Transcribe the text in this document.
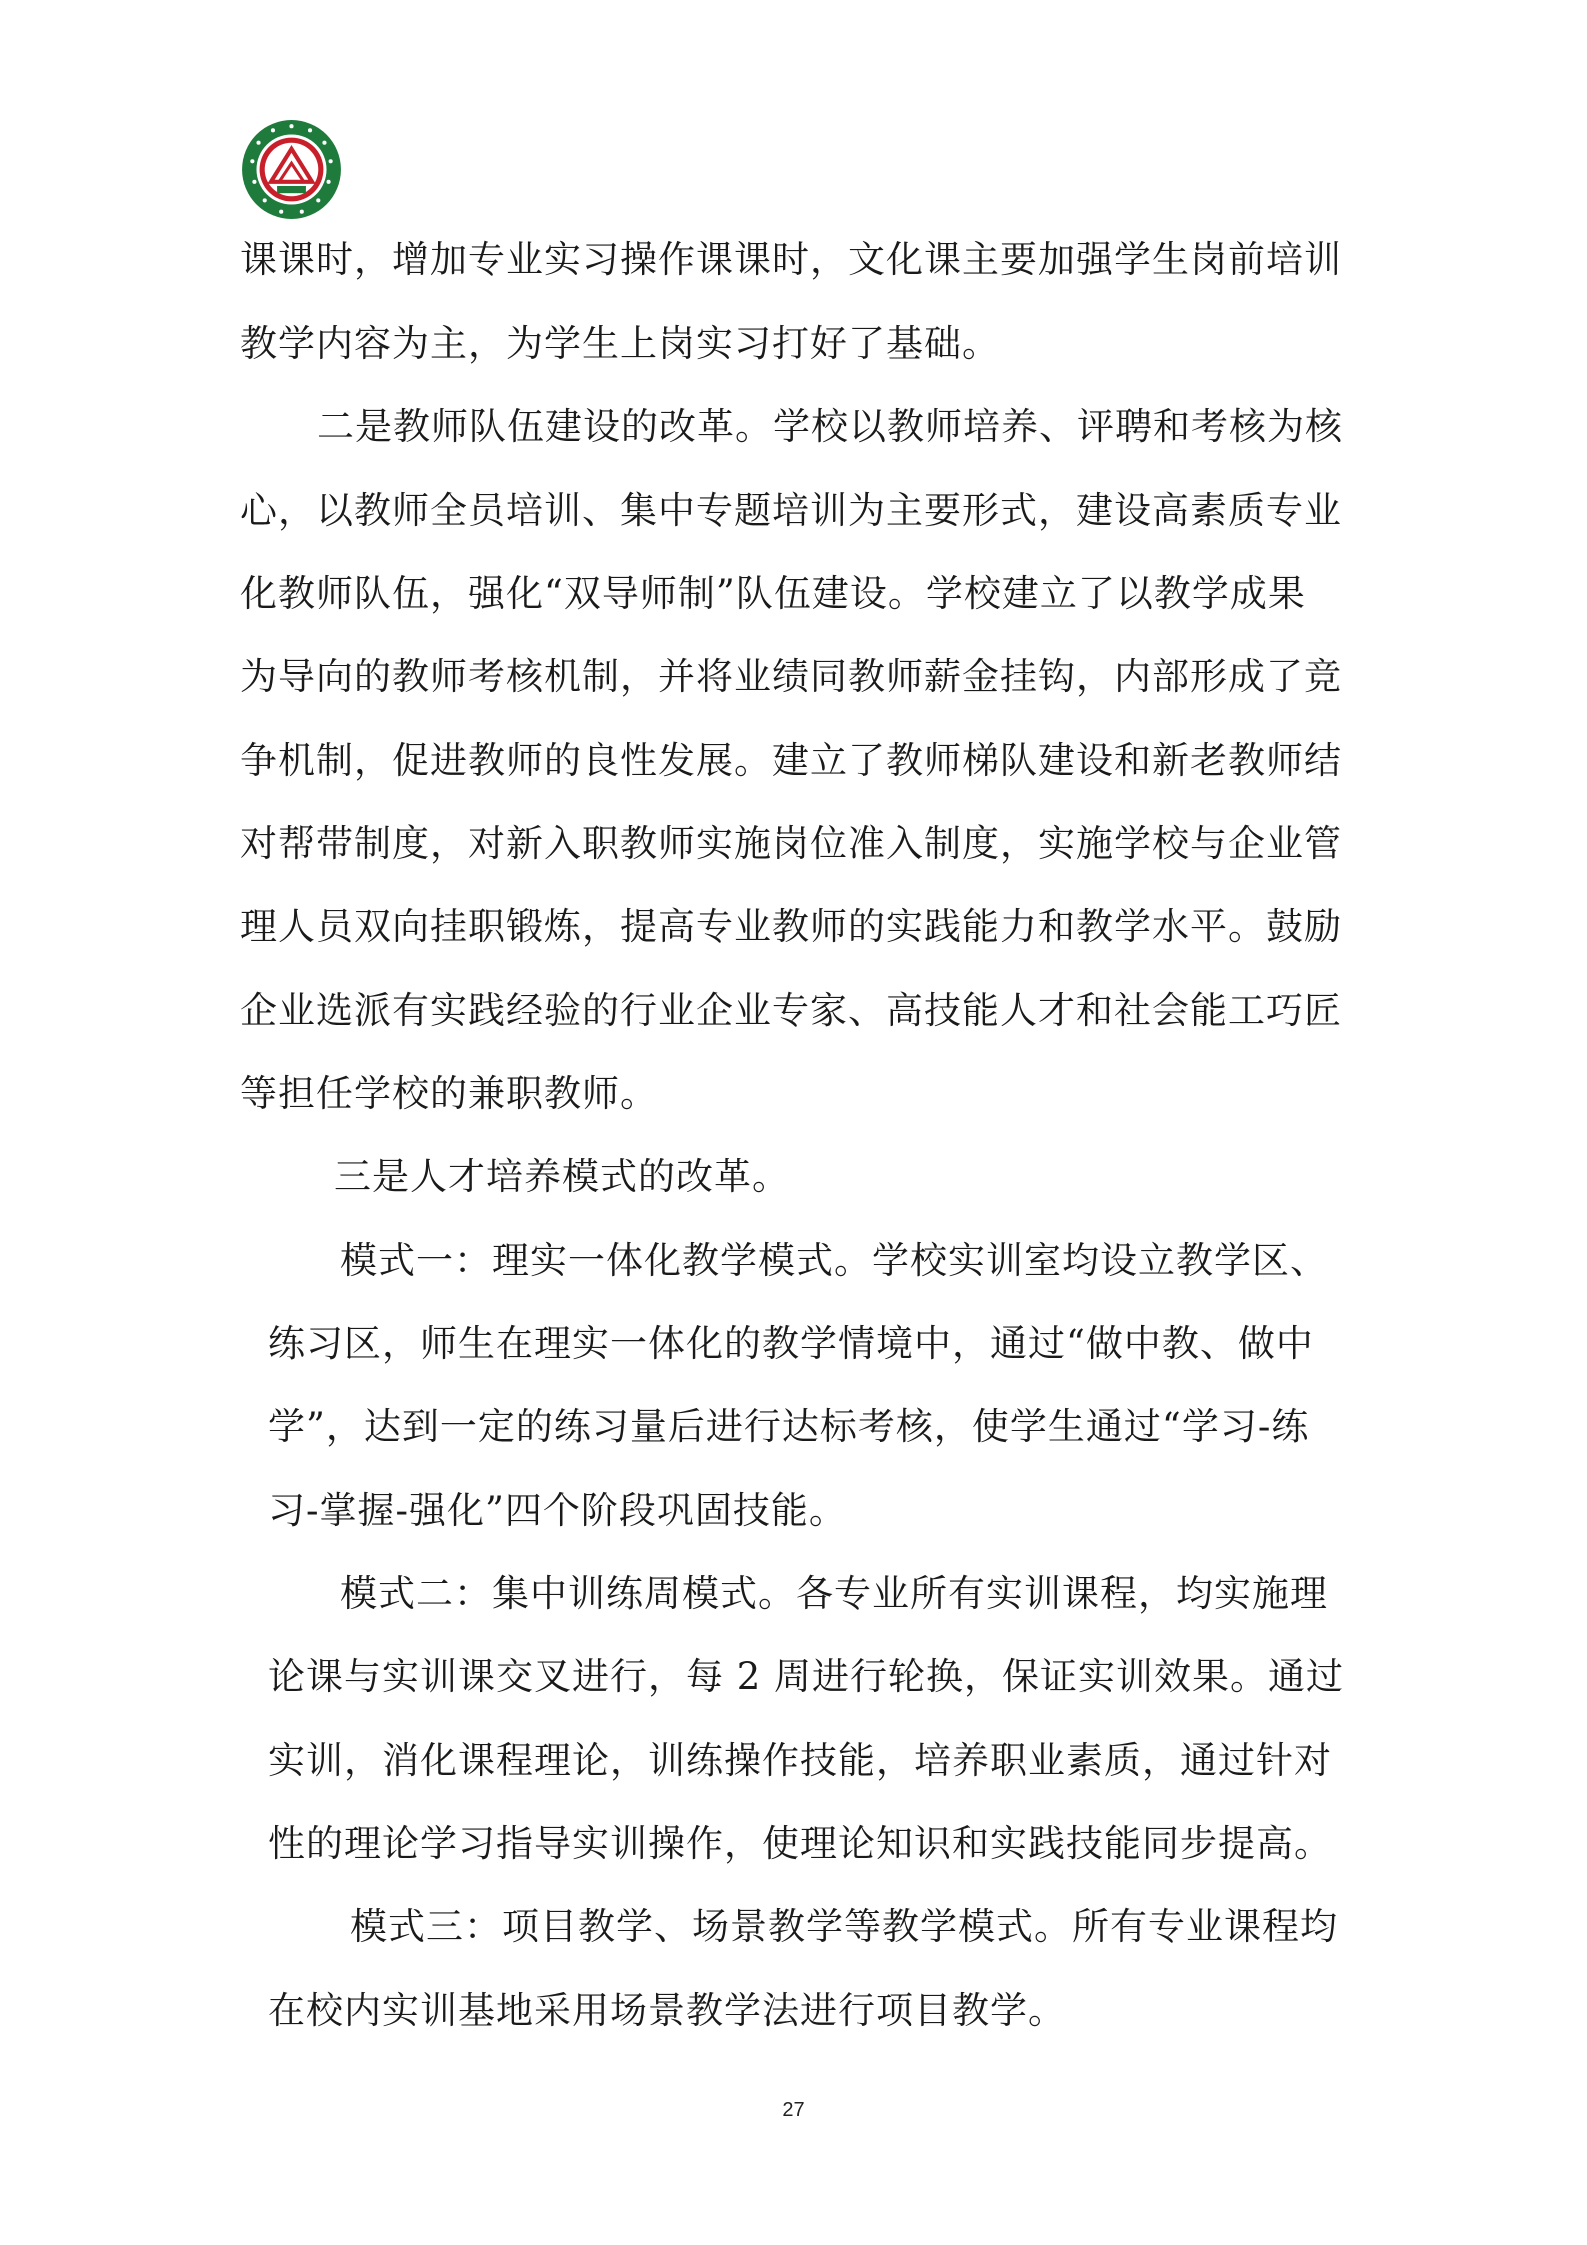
课课时，增加专业实习操作课课时，文化课主要加强学生岗前培训
教学内容为主，为学生上岗实习打好了基础。
二是教师队伍建设的改革。学校以教师培养、评聘和考核为核
心，以教师全员培训、集中专题培训为主要形式，建设高素质专业
化教师队伍，强化“双导师制”队伍建设。学校建立了以教学成果
为导向的教师考核机制，并将业绩同教师薪金挂钩，内部形成了竞
争机制，促进教师的良性发展。建立了教师梯队建设和新老教师结
对帮带制度，对新入职教师实施岗位准入制度，实施学校与企业管
理人员双向挂职锻炼，提高专业教师的实践能力和教学水平。鼓励
企业选派有实践经验的行业企业专家、高技能人才和社会能工巧匠
等担任学校的兼职教师。
三是人才培养模式的改革。
模式一：理实一体化教学模式。学校实训室均设立教学区、
练习区，师生在理实一体化的教学情境中，通过“做中教、做中
学”，达到一定的练习量后进行达标考核，使学生通过“学习-练
习-掌握-强化”四个阶段巩固技能。
模式二：集中训练周模式。各专业所有实训课程，均实施理
论课与实训课交叉进行，每 2 周进行轮换，保证实训效果。通过
实训，消化课程理论，训练操作技能，培养职业素质，通过针对
性的理论学习指导实训操作，使理论知识和实践技能同步提高。
模式三：项目教学、场景教学等教学模式。所有专业课程均
在校内实训基地采用场景教学法进行项目教学。
27
